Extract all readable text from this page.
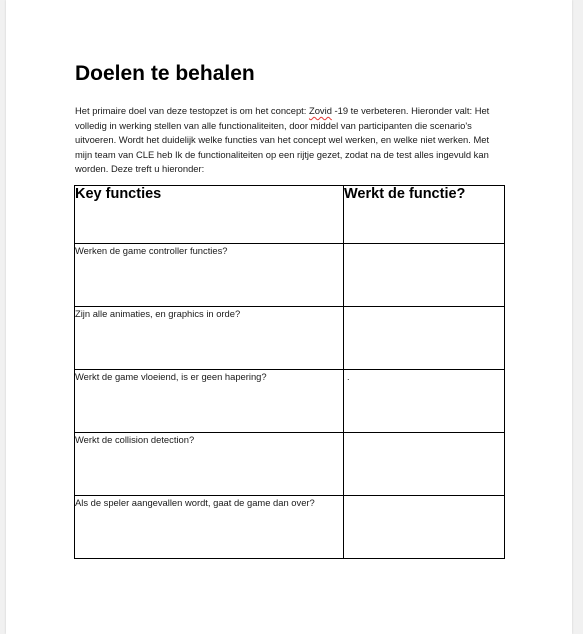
Doelen te behalen

Het primaire doel van deze testopzet is om het concept: Zovid -19 te verbeteren. Hieronder valt: Het volledig in werking stellen van alle functionaliteiten, door middel van participanten die scenario's uitvoeren. Wordt het duidelijk welke functies van het concept wel werken, en welke niet werken. Met mijn team van CLE heb Ik de functionaliteiten op een rijtje gezet, zodat na de test alles ingevuld kan worden. Deze treft u hieronder:

Key functies	Werkt de functie?
Werken de game controller functies?	
Zijn alle animaties, en graphics in orde?	
Werkt de game vloeiend, is er geen hapering?	.
Werkt de collision detection?	
Als de speler aangevallen wordt, gaat de game dan over?	
